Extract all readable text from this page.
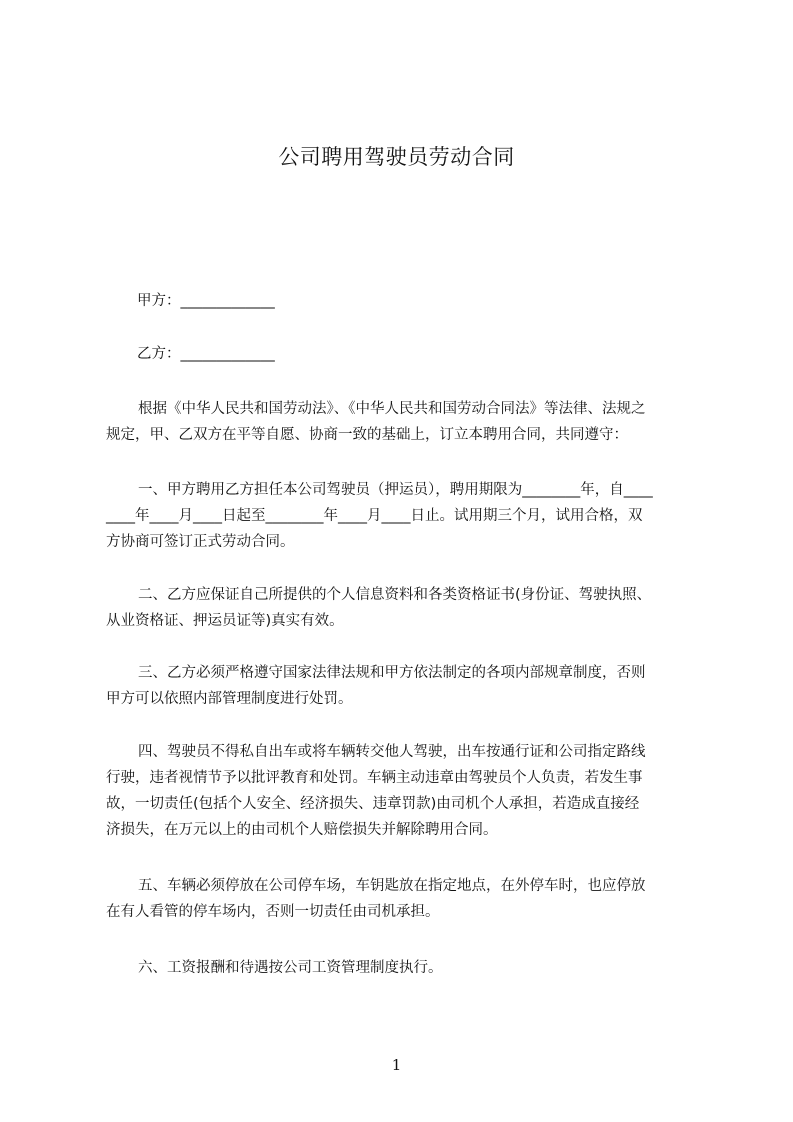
公司聘用驾驶员劳动合同
甲方：_____________
乙方：_____________
根据《中华人民共和国劳动法》、《中华人民共和国劳动合同法》等法律、法规之
规定，甲、乙双方在平等自愿、协商一致的基础上，订立本聘用合同，共同遵守：
一、甲方聘用乙方担任本公司驾驶员（押运员），聘用期限为________年，自____
____年____月____日起至________年____月____日止。试用期三个月，试用合格，双
方协商可签订正式劳动合同。
二、乙方应保证自己所提供的个人信息资料和各类资格证书(身份证、驾驶执照、
从业资格证、押运员证等)真实有效。
三、乙方必须严格遵守国家法律法规和甲方依法制定的各项内部规章制度，否则
甲方可以依照内部管理制度进行处罚。
四、驾驶员不得私自出车或将车辆转交他人驾驶，出车按通行证和公司指定路线
行驶，违者视情节予以批评教育和处罚。车辆主动违章由驾驶员个人负责，若发生事
故，一切责任(包括个人安全、经济损失、违章罚款)由司机个人承担，若造成直接经
济损失，在万元以上的由司机个人赔偿损失并解除聘用合同。
五、车辆必须停放在公司停车场，车钥匙放在指定地点，在外停车时，也应停放
在有人看管的停车场内，否则一切责任由司机承担。
六、工资报酬和待遇按公司工资管理制度执行。
1
